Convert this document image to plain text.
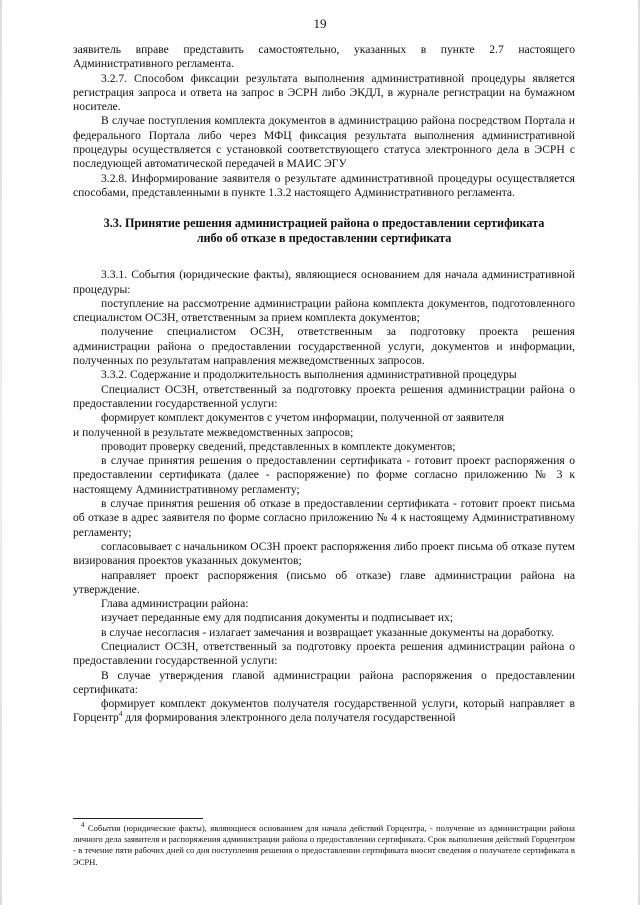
19

заявитель вправе представить самостоятельно, указанных в пункте 2.7 настоящего Административного регламента.

3.2.7. Способом фиксации результата выполнения административной процедуры является регистрация запроса и ответа на запрос в ЭСРН либо ЭКДЛ, в журнале регистрации на бумажном носителе.

В случае поступления комплекта документов в администрацию района посредством Портала и федерального Портала либо через МФЦ фиксация результата выполнения административной процедуры осуществляется с установкой соответствующего статуса электронного дела в ЭСРН с последующей автоматической передачей в МАИС ЭГУ

3.2.8. Информирование заявителя о результате административной процедуры осуществляется способами, представленными в пункте 1.3.2 настоящего Административного регламента.

3.3. Принятие решения администрацией района о предоставлении сертификата
либо об отказе в предоставлении сертификата

3.3.1. События (юридические факты), являющиеся основанием для начала административной процедуры:

поступление на рассмотрение администрации района комплекта документов, подготовленного специалистом ОСЗН, ответственным за прием комплекта документов;

получение специалистом ОСЗН, ответственным за подготовку проекта решения администрации района о предоставлении государственной услуги, документов и информации, полученных по результатам направления межведомственных запросов.

3.3.2. Содержание и продолжительность выполнения административной процедуры

Специалист ОСЗН, ответственный за подготовку проекта решения администрации района о предоставлении государственной услуги:

формирует комплект документов с учетом информации, полученной от заявителя

и полученной в результате межведомственных запросов;

проводит проверку сведений, представленных в комплекте документов;

в случае принятия решения о предоставлении сертификата - готовит проект распоряжения о предоставлении сертификата (далее - распоряжение) по форме согласно приложению № 3 к настоящему Административному регламенту;

в случае принятия решения об отказе в предоставлении сертификата - готовит проект письма об отказе в адрес заявителя по форме согласно приложению № 4 к настоящему Административному регламенту;

согласовывает с начальником ОСЗН проект распоряжения либо проект письма об отказе путем визирования проектов указанных документов;

направляет проект распоряжения (письмо об отказе) главе администрации района на утверждение.

Глава администрации района:

изучает переданные ему для подписания документы и подписывает их;

в случае несогласия - излагает замечания и возвращает указанные документы на доработку.

Специалист ОСЗН, ответственный за подготовку проекта решения администрации района о предоставлении государственной услуги:

В случае утверждения главой администрации района распоряжения о предоставлении сертификата:

формирует комплект документов получателя государственной услуги, который направляет в Горцентр$^4$ для формирования электронного дела получателя государственной

$^4$ События (юридические факты), являющиеся основанием для начала действий Горцентра, - получение из администрации района личного дела заявителя и распоряжения администрации района о предоставлении сертификата. Срок выполнения действий Горцентром - в течение пяти рабочих дней со дня поступления решения о предоставлении сертификата вносит сведения о получателе сертификата в ЭСРН.
